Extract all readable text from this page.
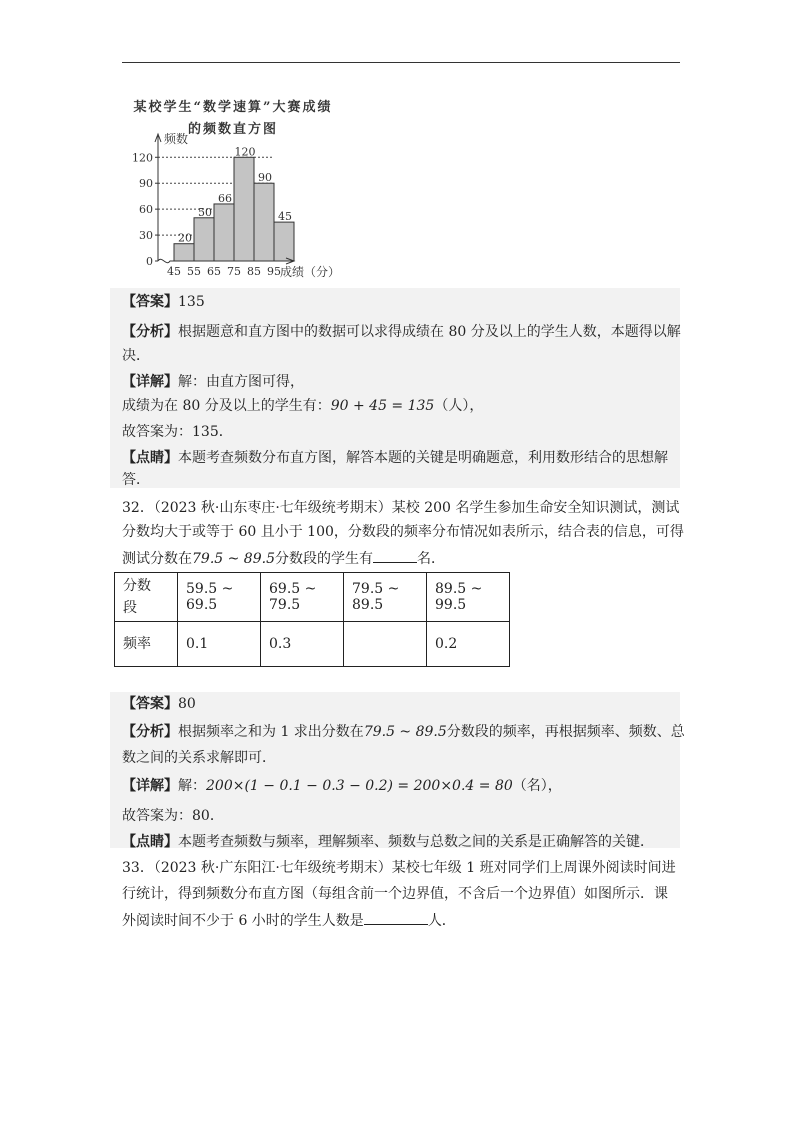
某校学生“数学速算”大赛成绩
的频数直方图
20
50
66
120
90
45
频数
0
30
60
90
120
45 55 65 75 85 95 成绩（分）
【答案】135
【分析】根据题意和直方图中的数据可以求得成绩在 80 分及以上的学生人数，本题得以解
决．
【详解】解：由直方图可得，
成绩为在 80 分及以上的学生有：90 + 45 = 135（人），
故答案为：135．
【点睛】本题考查频数分布直方图，解答本题的关键是明确题意，利用数形结合的思想解
答．
32．（2023 秋·山东枣庄·七年级统考期末）某校 200 名学生参加生命安全知识测试，测试
分数均大于或等于 60 且小于 100，分数段的频率分布情况如表所示，结合表的信息，可得
测试分数在79.5 ~ 89.5分数段的学生有	名．
分数
段	59.5 ~ 69.5	69.5 ~ 79.5	79.5 ~ 89.5	89.5 ~ 99.5
频率	0.1	0.3		0.2
【答案】80
【分析】根据频率之和为 1 求出分数在79.5 ~ 89.5分数段的频率，再根据频率、频数、总
数之间的关系求解即可．
【详解】解：200×(1 − 0.1 − 0.3 − 0.2) = 200×0.4 = 80（名），
故答案为：80．
【点睛】本题考查频数与频率，理解频率、频数与总数之间的关系是正确解答的关键．
33．（2023 秋·广东阳江·七年级统考期末）某校七年级 1 班对同学们上周课外阅读时间进
行统计，得到频数分布直方图（每组含前一个边界值，不含后一个边界值）如图所示．课
外阅读时间不少于 6 小时的学生人数是	人．
